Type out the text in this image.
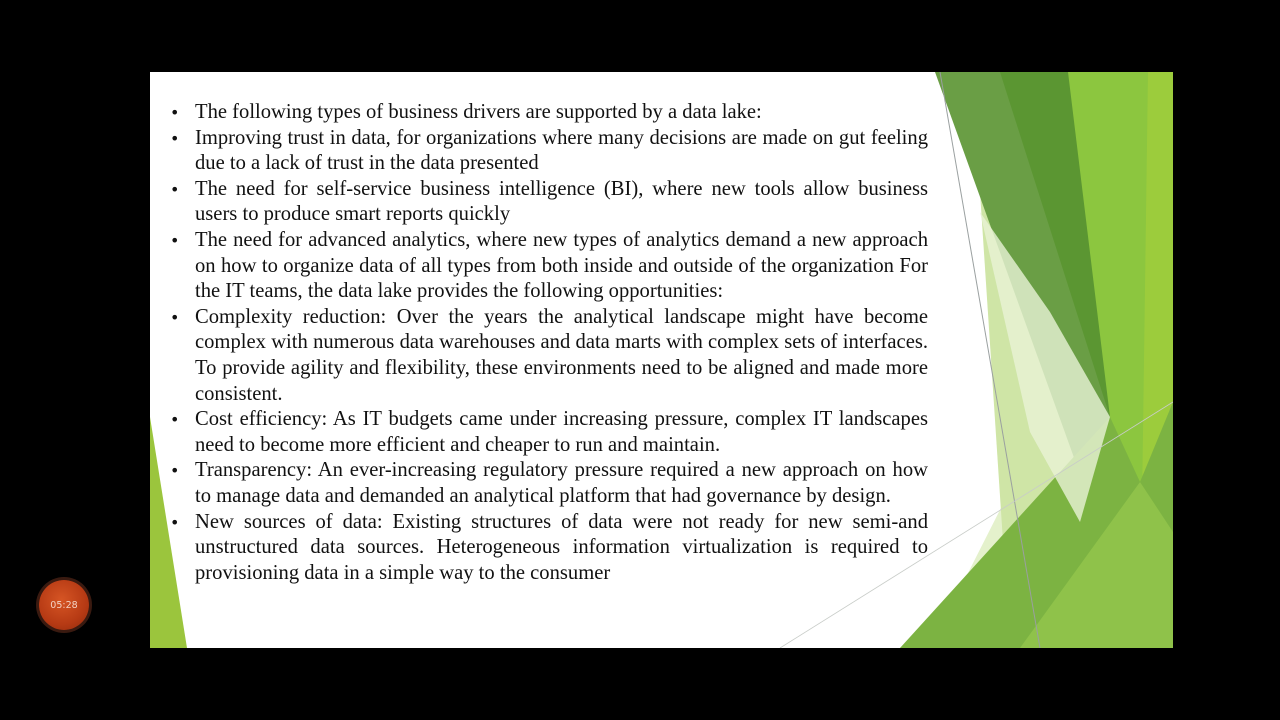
• The following types of business drivers are supported by a data lake:
• Improving trust in data, for organizations where many decisions are made on gut feeling due to a lack of trust in the data presented
• The need for self-service business intelligence (BI), where new tools allow business users to produce smart reports quickly
• The need for advanced analytics, where new types of analytics demand a new approach on how to organize data of all types from both inside and outside of the organization For the IT teams, the data lake provides the following opportunities:
• Complexity reduction: Over the years the analytical landscape might have become complex with numerous data warehouses and data marts with complex sets of interfaces. To provide agility and flexibility, these environments need to be aligned and made more consistent.
• Cost efficiency: As IT budgets came under increasing pressure, complex IT landscapes need to become more efficient and cheaper to run and maintain.
• Transparency: An ever-increasing regulatory pressure required a new approach on how to manage data and demanded an analytical platform that had governance by design.
• New sources of data: Existing structures of data were not ready for new semi-and unstructured data sources. Heterogeneous information virtualization is required to provisioning data in a simple way to the consumer
05:28
